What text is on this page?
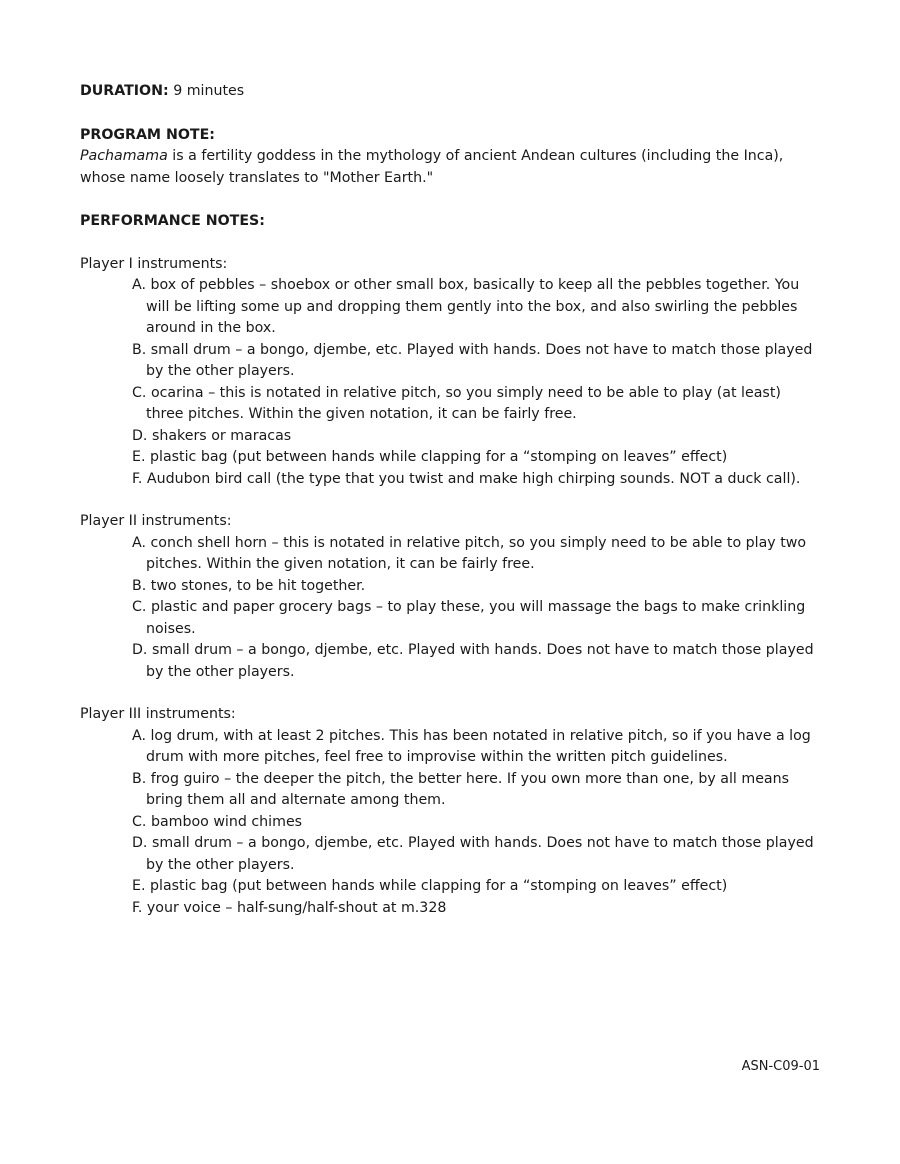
DURATION: 9 minutes

PROGRAM NOTE:

Pachamama is a fertility goddess in the mythology of ancient Andean cultures (including the Inca), whose name loosely translates to "Mother Earth."

PERFORMANCE NOTES:

Player I instruments:

A. box of pebbles – shoebox or other small box, basically to keep all the pebbles together. You will be lifting some up and dropping them gently into the box, and also swirling the pebbles around in the box.
B. small drum – a bongo, djembe, etc. Played with hands. Does not have to match those played by the other players.
C. ocarina – this is notated in relative pitch, so you simply need to be able to play (at least) three pitches. Within the given notation, it can be fairly free.
D. shakers or maracas
E. plastic bag (put between hands while clapping for a “stomping on leaves” effect)
F. Audubon bird call (the type that you twist and make high chirping sounds. NOT a duck call).

Player II instruments:

A. conch shell horn – this is notated in relative pitch, so you simply need to be able to play two pitches. Within the given notation, it can be fairly free.
B. two stones, to be hit together.
C. plastic and paper grocery bags – to play these, you will massage the bags to make crinkling noises.
D. small drum – a bongo, djembe, etc. Played with hands. Does not have to match those played by the other players.

Player III instruments:

A. log drum, with at least 2 pitches. This has been notated in relative pitch, so if you have a log drum with more pitches, feel free to improvise within the written pitch guidelines.
B. frog guiro – the deeper the pitch, the better here. If you own more than one, by all means bring them all and alternate among them.
C. bamboo wind chimes
D. small drum – a bongo, djembe, etc. Played with hands. Does not have to match those played by the other players.
E. plastic bag (put between hands while clapping for a “stomping on leaves” effect)
F. your voice – half-sung/half-shout at m.328
ASN-C09-01
